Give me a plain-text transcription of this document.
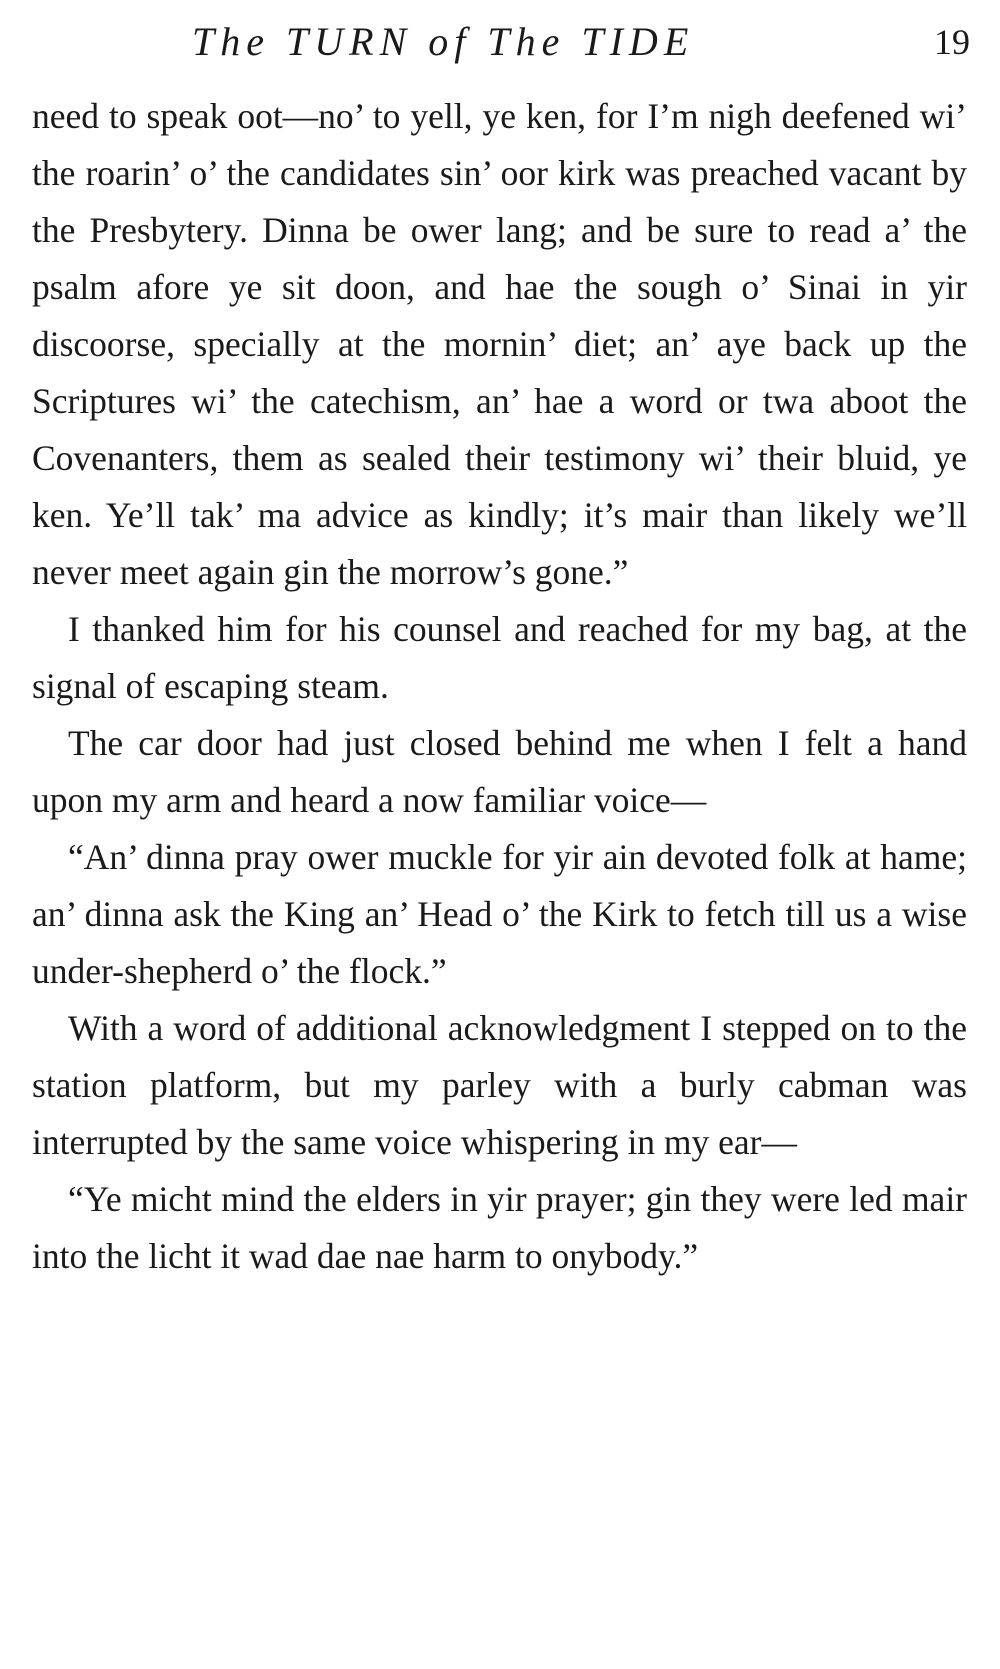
The TURN of The TIDE	19

need to speak oot—no’ to yell, ye ken, for I’m nigh deefened wi’ the roarin’ o’ the candidates sin’ oor kirk was preached vacant by the Presbytery. Dinna be ower lang; and be sure to read a’ the psalm afore ye sit doon, and hae the sough o’ Sinai in yir discoorse, specially at the mornin’ diet; an’ aye back up the Scriptures wi’ the catechism, an’ hae a word or twa aboot the Covenanters, them as sealed their testimony wi’ their bluid, ye ken. Ye’ll tak’ ma advice as kindly; it’s mair than likely we’ll never meet again gin the morrow’s gone.”

I thanked him for his counsel and reached for my bag, at the signal of escaping steam.

The car door had just closed behind me when I felt a hand upon my arm and heard a now familiar voice—

“An’ dinna pray ower muckle for yir ain devoted folk at hame; an’ dinna ask the King an’ Head o’ the Kirk to fetch till us a wise under-shepherd o’ the flock.”

With a word of additional acknowledgment I stepped on to the station platform, but my parley with a burly cabman was interrupted by the same voice whispering in my ear—

“Ye micht mind the elders in yir prayer; gin they were led mair into the licht it wad dae nae harm to onybody.”
